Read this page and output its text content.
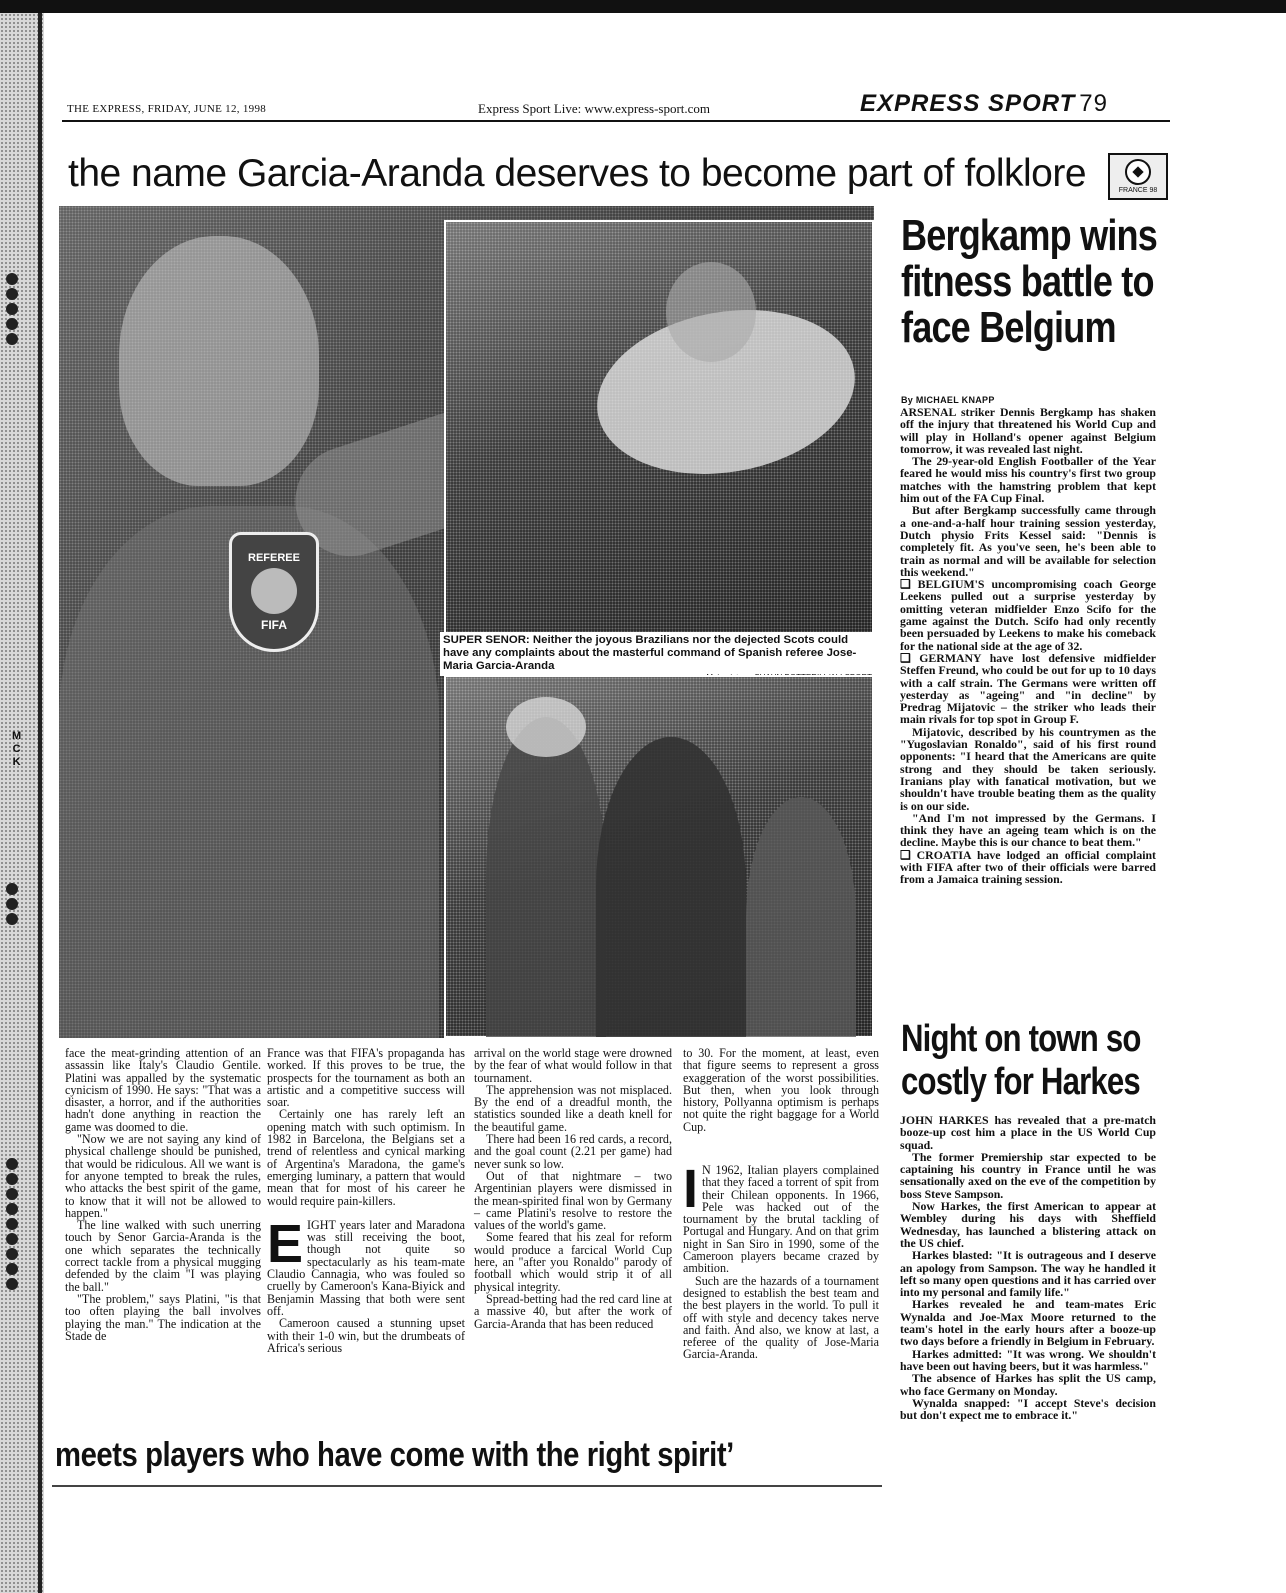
M
C
K
THE EXPRESS, FRIDAY, JUNE 12, 1998	Express Sport Live: www.express-sport.com	EXPRESS SPORT 79
the name Garcia-Aranda deserves to become part of folklore	FRANCE 98
REFEREE
FIFA
SUPER SENOR: Neither the joyous Brazilians nor the dejected Scots could have any complaints about the masterful command of Spanish referee Jose-Maria Garcia-Aranda
Bergkamp wins fitness battle to face Belgium
By MICHAEL KNAPP

ARSENAL striker Dennis Bergkamp has shaken off the injury that threatened his World Cup and will play in Holland's opener against Belgium tomorrow, it was revealed last night.

The 29-year-old English Footballer of the Year feared he would miss his country's first two group matches with the hamstring problem that kept him out of the FA Cup Final.

But after Bergkamp successfully came through a one-and-a-half hour training session yesterday, Dutch physio Frits Kessel said: "Dennis is completely fit. As you've seen, he's been able to train as normal and will be available for selection this weekend."

❑ BELGIUM'S uncompromising coach George Leekens pulled out a surprise yesterday by omitting veteran midfielder Enzo Scifo for the game against the Dutch. Scifo had only recently been persuaded by Leekens to make his comeback for the national side at the age of 32.

❑ GERMANY have lost defensive midfielder Steffen Freund, who could be out for up to 10 days with a calf strain. The Germans were written off yesterday as "ageing" and "in decline" by Predrag Mijatovic – the striker who leads their main rivals for top spot in Group F.

Mijatovic, described by his countrymen as the "Yugoslavian Ronaldo", said of his first round opponents: "I heard that the Americans are quite strong and they should be taken seriously. Iranians play with fanatical motivation, but we shouldn't have trouble beating them as the quality is on our side.

"And I'm not impressed by the Germans. I think they have an ageing team which is on the decline. Maybe this is our chance to beat them."

❑ CROATIA have lodged an official complaint with FIFA after two of their officials were barred from a Jamaica training session.

Night on town so costly for Harkes

JOHN HARKES has revealed that a pre-match booze-up cost him a place in the US World Cup squad.

The former Premiership star expected to be captaining his country in France until he was sensationally axed on the eve of the competition by boss Steve Sampson.

Now Harkes, the first American to appear at Wembley during his days with Sheffield Wednesday, has launched a blistering attack on the US chief.

Harkes blasted: "It is outrageous and I deserve an apology from Sampson. The way he handled it left so many open questions and it has carried over into my personal and family life."

Harkes revealed he and team-mates Eric Wynalda and Joe-Max Moore returned to the team's hotel in the early hours after a booze-up two days before a friendly in Belgium in February.

Harkes admitted: "It was wrong. We shouldn't have been out having beers, but it was harmless."

The absence of Harkes has split the US camp, who face Germany on Monday.

Wynalda snapped: "I accept Steve's decision but don't expect me to embrace it."

face the meat-grinding attention of an assassin like Italy's Claudio Gentile. Platini was appalled by the systematic cynicism of 1990. He says: "That was a disaster, a horror, and if the authorities hadn't done anything in reaction the game was doomed to die.

"Now we are not saying any kind of physical challenge should be punished, that would be ridiculous. All we want is for anyone tempted to break the rules, who attacks the best spirit of the game, to know that it will not be allowed to happen."

The line walked with such unerring touch by Senor Garcia-Aranda is the one which separates the technically correct tackle from a physical mugging defended by the claim "I was playing the ball."

"The problem," says Platini, "is that too often playing the ball involves playing the man." The indication at the Stade de

France was that FIFA's propaganda has worked. If this proves to be true, the prospects for the tournament as both an artistic and a competitive success will soar.

Certainly one has rarely left an opening match with such optimism. In 1982 in Barcelona, the Belgians set a trend of relentless and cynical marking of Argentina's Maradona, the game's emerging luminary, a pattern that would mean that for most of his career he would require pain-killers.

EIGHT years later and Maradona was still receiving the boot, though not quite so spectacularly as his team-mate Claudio Cannagia, who was fouled so cruelly by Cameroon's Kana-Biyick and Benjamin Massing that both were sent off.

Cameroon caused a stunning upset with their 1-0 win, but the drumbeats of Africa's serious

arrival on the world stage were drowned by the fear of what would follow in that tournament.

The apprehension was not misplaced. By the end of a dreadful month, the statistics sounded like a death knell for the beautiful game.

There had been 16 red cards, a record, and the goal count (2.21 per game) had never sunk so low.

Out of that nightmare – two Argentinian players were dismissed in the mean-spirited final won by Germany – came Platini's resolve to restore the values of the world's game.

Some feared that his zeal for reform would produce a farcical World Cup here, an "after you Ronaldo" parody of football which would strip it of all physical integrity.

Spread-betting had the red card line at a massive 40, but after the work of Garcia-Aranda that has been reduced

to 30. For the moment, at least, even that figure seems to represent a gross exaggeration of the worst possibilities. But then, when you look through history, Pollyanna optimism is perhaps not quite the right baggage for a World Cup.

I N 1962, Italian players complained that they faced a torrent of spit from their Chilean opponents. In 1966, Pele was hacked out of the tournament by the brutal tackling of Portugal and Hungary. And on that grim night in San Siro in 1990, some of the Cameroon players became crazed by ambition.

Such are the hazards of a tournament designed to establish the best team and the best players in the world. To pull it off with style and decency takes nerve and faith. And also, we know at last, a referee of the quality of Jose-Maria Garcia-Aranda.

meets players who have come with the right spirit’
